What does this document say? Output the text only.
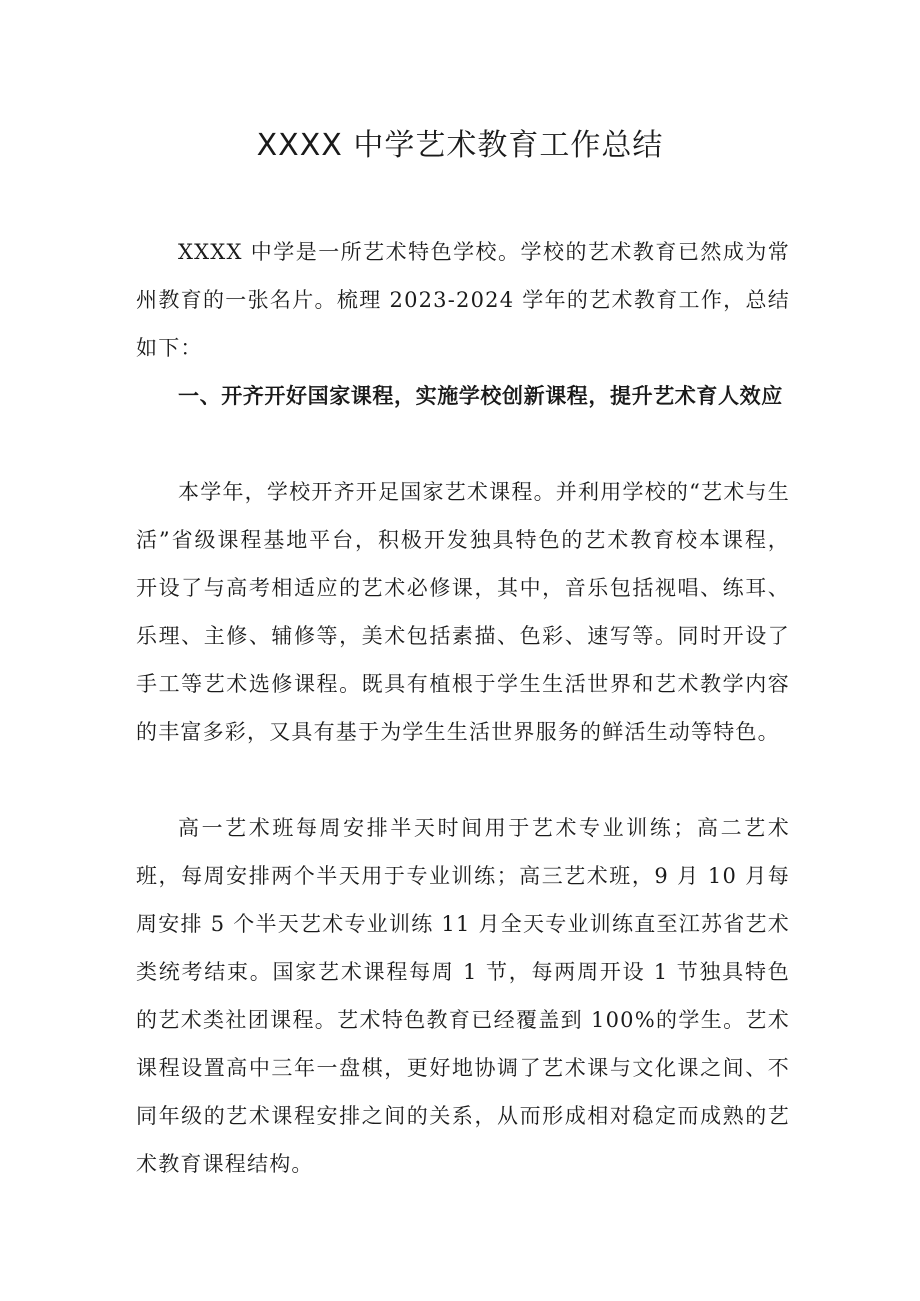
XXXX 中学艺术教育工作总结

XXXX 中学是一所艺术特色学校。学校的艺术教育已然成为常州教育的一张名片。梳理 2023-2024 学年的艺术教育工作，总结如下：

一、开齐开好国家课程，实施学校创新课程，提升艺术育人效应

本学年，学校开齐开足国家艺术课程。并利用学校的“艺术与生活”省级课程基地平台，积极开发独具特色的艺术教育校本课程，开设了与高考相适应的艺术必修课，其中，音乐包括视唱、练耳、乐理、主修、辅修等，美术包括素描、色彩、速写等。同时开设了手工等艺术选修课程。既具有植根于学生生活世界和艺术教学内容的丰富多彩，又具有基于为学生生活世界服务的鲜活生动等特色。

高一艺术班每周安排半天时间用于艺术专业训练；高二艺术班，每周安排两个半天用于专业训练；高三艺术班，9 月 10 月每周安排 5 个半天艺术专业训练 11 月全天专业训练直至江苏省艺术类统考结束。国家艺术课程每周 1 节，每两周开设 1 节独具特色的艺术类社团课程。艺术特色教育已经覆盖到 100%的学生。艺术课程设置高中三年一盘棋，更好地协调了艺术课与文化课之间、不同年级的艺术课程安排之间的关系，从而形成相对稳定而成熟的艺术教育课程结构。
